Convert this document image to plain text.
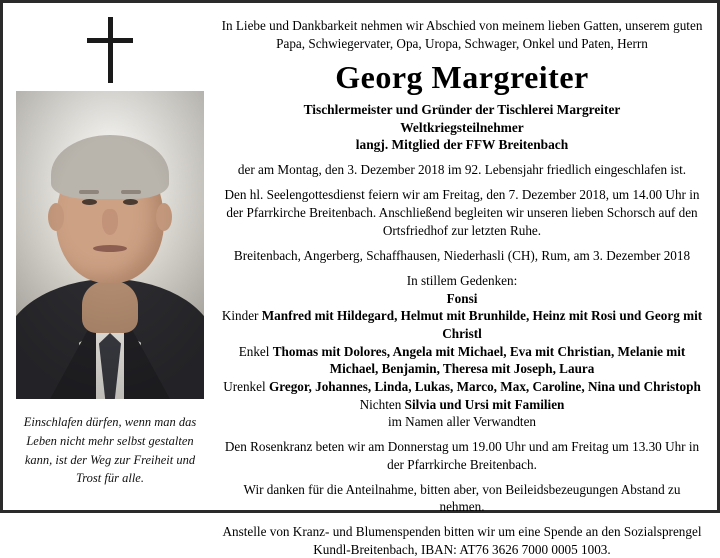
Einschlafen dürfen, wenn man das Leben nicht mehr selbst gestalten kann, ist der Weg zur Freiheit und Trost für alle.
In Liebe und Dankbarkeit nehmen wir Abschied von meinem lieben Gatten, unserem guten Papa, Schwiegervater, Opa, Uropa, Schwager, Onkel und Paten, Herrn
Georg Margreiter
Tischlermeister und Gründer der Tischlerei Margreiter
Weltkriegsteilnehmer
langj. Mitglied der FFW Breitenbach
der am Montag, den 3. Dezember 2018 im 92. Lebensjahr friedlich eingeschlafen ist.
Den hl. Seelengottesdienst feiern wir am Freitag, den 7. Dezember 2018, um 14.00 Uhr in der Pfarrkirche Breitenbach. Anschließend begleiten wir unseren lieben Schorsch auf den Ortsfriedhof zur letzten Ruhe.
Breitenbach, Angerberg, Schaffhausen, Niederhasli (CH), Rum, am 3. Dezember 2018
In stillem Gedenken:
Fonsi
Kinder Manfred mit Hildegard, Helmut mit Brunhilde, Heinz mit Rosi und Georg mit Christl
Enkel Thomas mit Dolores, Angela mit Michael, Eva mit Christian, Melanie mit Michael, Benjamin, Theresa mit Joseph, Laura
Urenkel Gregor, Johannes, Linda, Lukas, Marco, Max, Caroline, Nina und Christoph
Nichten Silvia und Ursi mit Familien
im Namen aller Verwandten
Den Rosenkranz beten wir am Donnerstag um 19.00 Uhr und am Freitag um 13.30 Uhr in der Pfarrkirche Breitenbach.
Wir danken für die Anteilnahme, bitten aber, von Beileidsbezeugungen Abstand zu nehmen.
Anstelle von Kranz- und Blumenspenden bitten wir um eine Spende an den Sozialsprengel Kundl-Breitenbach, IBAN: AT76 3626 7000 0005 1003.
